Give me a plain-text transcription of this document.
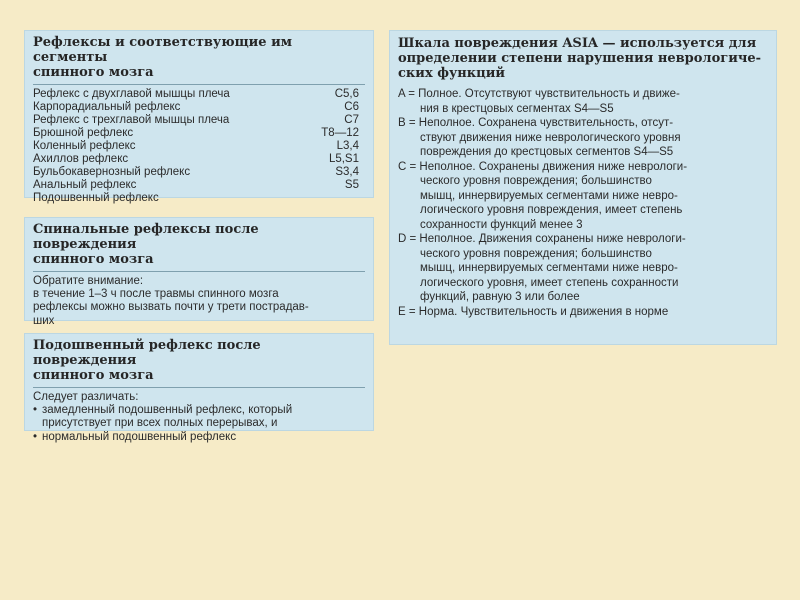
Рефлексы и соответствующие им сегменты
спинного мозга
Рефлекс с двухглавой мышцы плеча	C5,6
Карпорадиальный рефлекс	C6
Рефлекс с трехглавой мышцы плеча	C7
Брюшной рефлекс	T8—12
Коленный рефлекс	L3,4
Ахиллов рефлекс	L5,S1
Бульбокавернозный рефлекс	S3,4
Анальный рефлекс	S5
Подошвенный рефлекс
Спинальные рефлексы после повреждения
спинного мозга

Обратите внимание:
в течение 1–3 ч после травмы спинного мозга
рефлексы можно вызвать почти у трети пострадав-
ших

Подошвенный рефлекс после повреждения
спинного мозга

Следует различать:

• замедленный подошвенный рефлекс, который
присутствует при всех полных перерывах, и
• нормальный подошвенный рефлекс
Шкала повреждения ASIA — используется для
определении степени нарушения неврологиче-
ских функций
A = Полное. Отсутствуют чувствительность и движе-
ния в крестцовых сегментах S4—S5
B = Неполное. Сохранена чувствительность, отсут-
ствуют движения ниже неврологического уровня
повреждения до крестцовых сегментов S4—S5
C = Неполное. Сохранены движения ниже неврологи-
ческого уровня повреждения; большинство
мышц, иннервируемых сегментами ниже невро-
логического уровня повреждения, имеет степень
сохранности функций менее 3
D = Неполное. Движения сохранены ниже неврологи-
ческого уровня повреждения; большинство
мышц, иннервируемых сегментами ниже невро-
логического уровня, имеет степень сохранности
функций, равную 3 или более
E = Норма. Чувствительность и движения в норме
